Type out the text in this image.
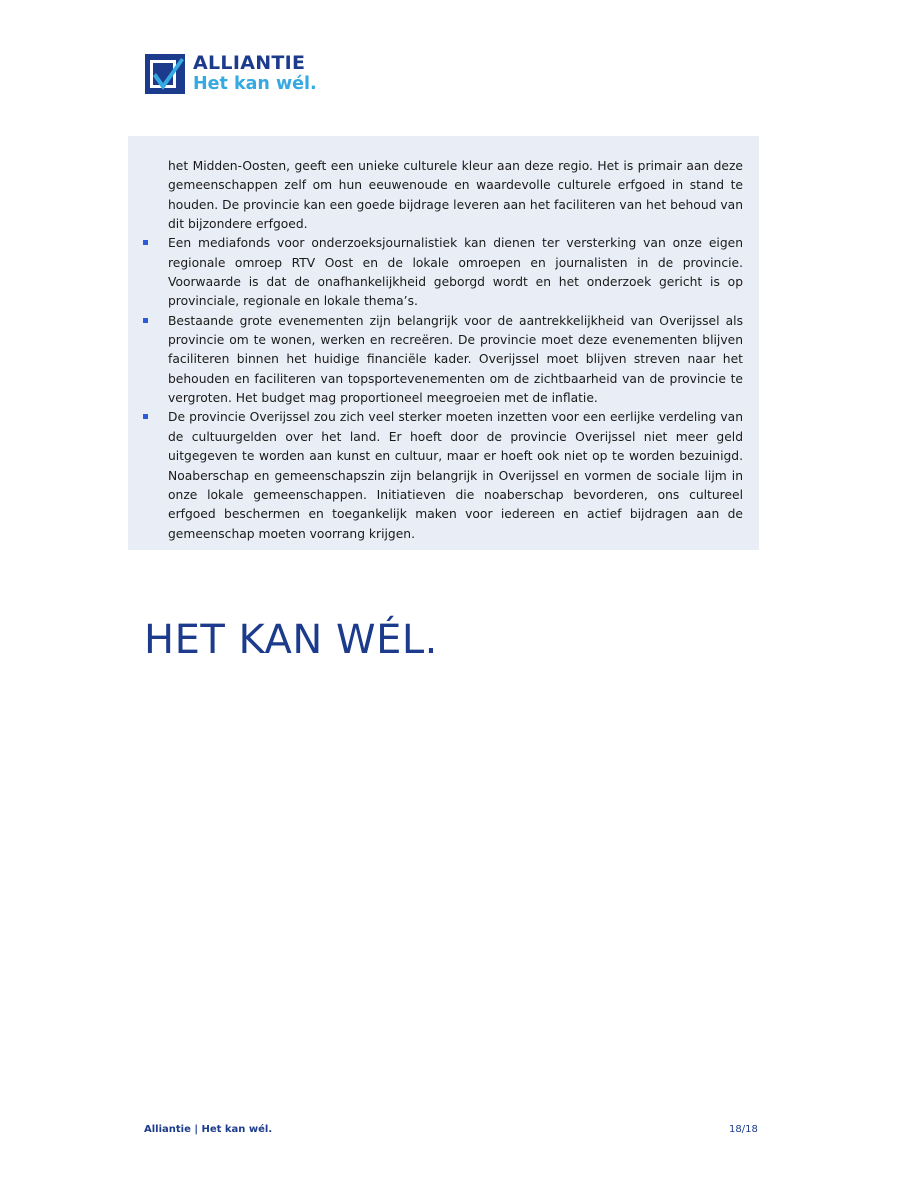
ALLIANTIE
Het kan wél.

het Midden-Oosten, geeft een unieke culturele kleur aan deze regio. Het is primair aan deze gemeenschappen zelf om hun eeuwenoude en waardevolle culturele erfgoed in stand te houden. De provincie kan een goede bijdrage leveren aan het faciliteren van het behoud van dit bijzondere erfgoed.

Een mediafonds voor onderzoeksjournalistiek kan dienen ter versterking van onze eigen regionale omroep RTV Oost en de lokale omroepen en journalisten in de provincie. Voorwaarde is dat de onafhankelijkheid geborgd wordt en het onderzoek gericht is op provinciale, regionale en lokale thema’s.
Bestaande grote evenementen zijn belangrijk voor de aantrekkelijkheid van Overijssel als provincie om te wonen, werken en recreëren. De provincie moet deze evenementen blijven faciliteren binnen het huidige financiële kader. Overijssel moet blijven streven naar het behouden en faciliteren van topsportevenementen om de zichtbaarheid van de provincie te vergroten. Het budget mag proportioneel meegroeien met de inflatie.
De provincie Overijssel zou zich veel sterker moeten inzetten voor een eerlijke verdeling van de cultuurgelden over het land. Er hoeft door de provincie Overijssel niet meer geld uitgegeven te worden aan kunst en cultuur, maar er hoeft ook niet op te worden bezuinigd. Noaberschap en gemeenschapszin zijn belangrijk in Overijssel en vormen de sociale lijm in onze lokale gemeenschappen. Initiatieven die noaberschap bevorderen, ons cultureel erfgoed beschermen en toegankelijk maken voor iedereen en actief bijdragen aan de gemeenschap moeten voorrang krijgen.
HET KAN WÉL.
Alliantie | Het kan wél.	18/18
